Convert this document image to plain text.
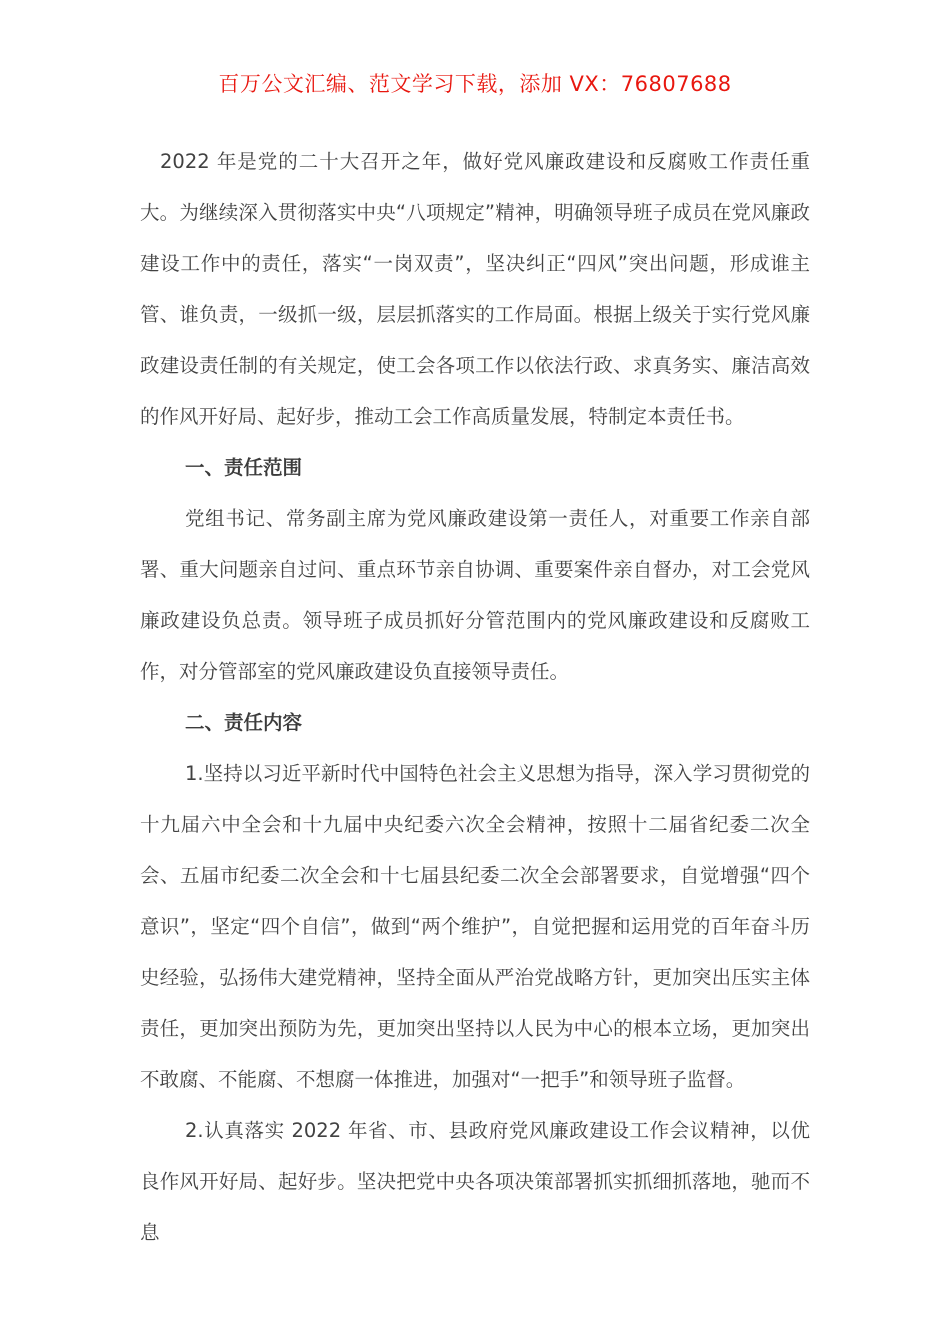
百万公文汇编、范文学习下载，添加 VX：76807688

2022 年是党的二十大召开之年，做好党风廉政建设和反腐败工作责任重大。为继续深入贯彻落实中央“八项规定”精神，明确领导班子成员在党风廉政建设工作中的责任，落实“一岗双责”，坚决纠正“四风”突出问题，形成谁主管、谁负责，一级抓一级，层层抓落实的工作局面。根据上级关于实行党风廉政建设责任制的有关规定，使工会各项工作以依法行政、求真务实、廉洁高效的作风开好局、起好步，推动工会工作高质量发展，特制定本责任书。

一、责任范围

党组书记、常务副主席为党风廉政建设第一责任人，对重要工作亲自部署、重大问题亲自过问、重点环节亲自协调、重要案件亲自督办，对工会党风廉政建设负总责。领导班子成员抓好分管范围内的党风廉政建设和反腐败工作，对分管部室的党风廉政建设负直接领导责任。

二、责任内容

1.坚持以习近平新时代中国特色社会主义思想为指导，深入学习贯彻党的十九届六中全会和十九届中央纪委六次全会精神，按照十二届省纪委二次全会、五届市纪委二次全会和十七届县纪委二次全会部署要求，自觉增强“四个意识”，坚定“四个自信”，做到“两个维护”，自觉把握和运用党的百年奋斗历史经验，弘扬伟大建党精神，坚持全面从严治党战略方针，更加突出压实主体责任，更加突出预防为先，更加突出坚持以人民为中心的根本立场，更加突出不敢腐、不能腐、不想腐一体推进，加强对“一把手”和领导班子监督。

2.认真落实 2022 年省、市、县政府党风廉政建设工作会议精神，以优良作风开好局、起好步。坚决把党中央各项决策部署抓实抓细抓落地，驰而不息
